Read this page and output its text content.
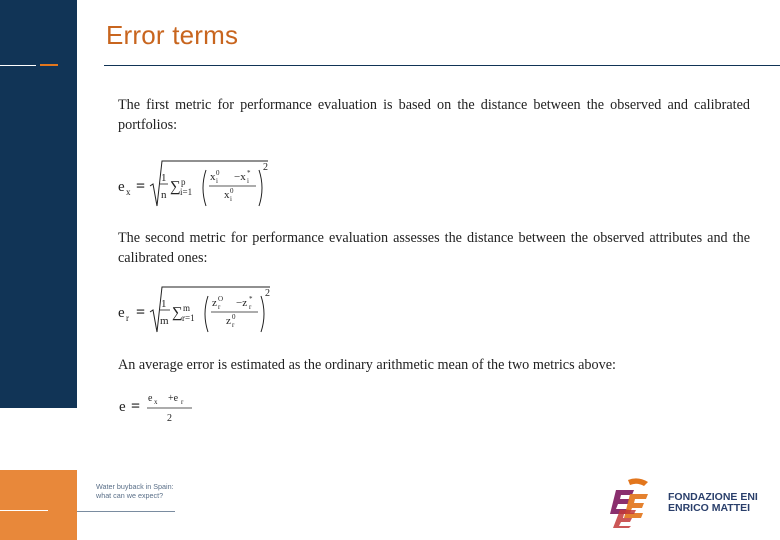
Error terms
The first metric for performance evaluation is based on the distance between the observed and calibrated portfolios:
e x = 1
n ∑ p
i=1
x i
0 −x i
*
x i
0
2
The second metric for performance evaluation assesses the distance between the observed attributes and the calibrated ones:
e r = 1
m ∑ m
r=1
z r
O −z r
*
z r
0
2
An average error is estimated as the ordinary arithmetic mean of the two metrics above:
e = e x +e r
2
Water buyback in Spain:
what can we expect?	FONDAZIONE ENI
ENRICO MATTEI
